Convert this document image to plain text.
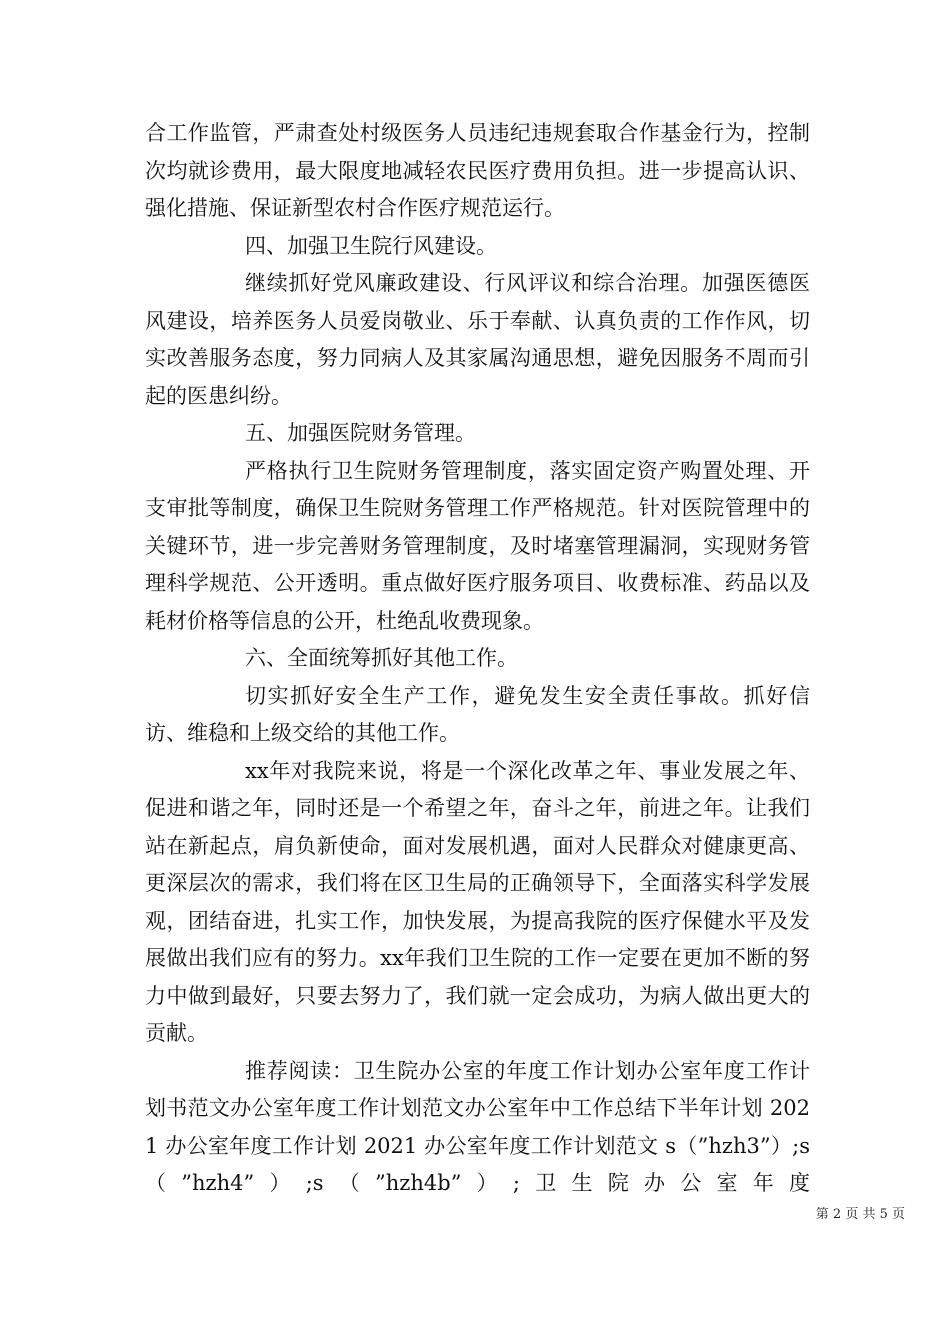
合工作监管，严肃查处村级医务人员违纪违规套取合作基金行为，控制次均就诊费用，最大限度地减轻农民医疗费用负担。进一步提高认识、强化措施、保证新型农村合作医疗规范运行。

四、加强卫生院行风建设。

继续抓好党风廉政建设、行风评议和综合治理。加强医德医风建设，培养医务人员爱岗敬业、乐于奉献、认真负责的工作作风，切实改善服务态度，努力同病人及其家属沟通思想，避免因服务不周而引起的医患纠纷。

五、加强医院财务管理。

严格执行卫生院财务管理制度，落实固定资产购置处理、开支审批等制度，确保卫生院财务管理工作严格规范。针对医院管理中的关键环节，进一步完善财务管理制度，及时堵塞管理漏洞，实现财务管理科学规范、公开透明。重点做好医疗服务项目、收费标准、药品以及耗材价格等信息的公开，杜绝乱收费现象。

六、全面统筹抓好其他工作。

切实抓好安全生产工作，避免发生安全责任事故。抓好信访、维稳和上级交给的其他工作。

xx年对我院来说，将是一个深化改革之年、事业发展之年、促进和谐之年，同时还是一个希望之年，奋斗之年，前进之年。让我们站在新起点，肩负新使命，面对发展机遇，面对人民群众对健康更高、更深层次的需求，我们将在区卫生局的正确领导下，全面落实科学发展观，团结奋进，扎实工作，加快发展，为提高我院的医疗保健水平及发展做出我们应有的努力。xx年我们卫生院的工作一定要在更加不断的努力中做到最好，只要去努力了，我们就一定会成功，为病人做出更大的贡献。

推荐阅读：卫生院办公室的年度工作计划办公室年度工作计划书范文办公室年度工作计划范文办公室年中工作总结下半年计划 2021 办公室年度工作计划 2021 办公室年度工作计划范文 s（”hzh3”）;s（”hzh4”）;s（”hzh4b”）;卫生院办公室年度

第 2 页 共 5 页
